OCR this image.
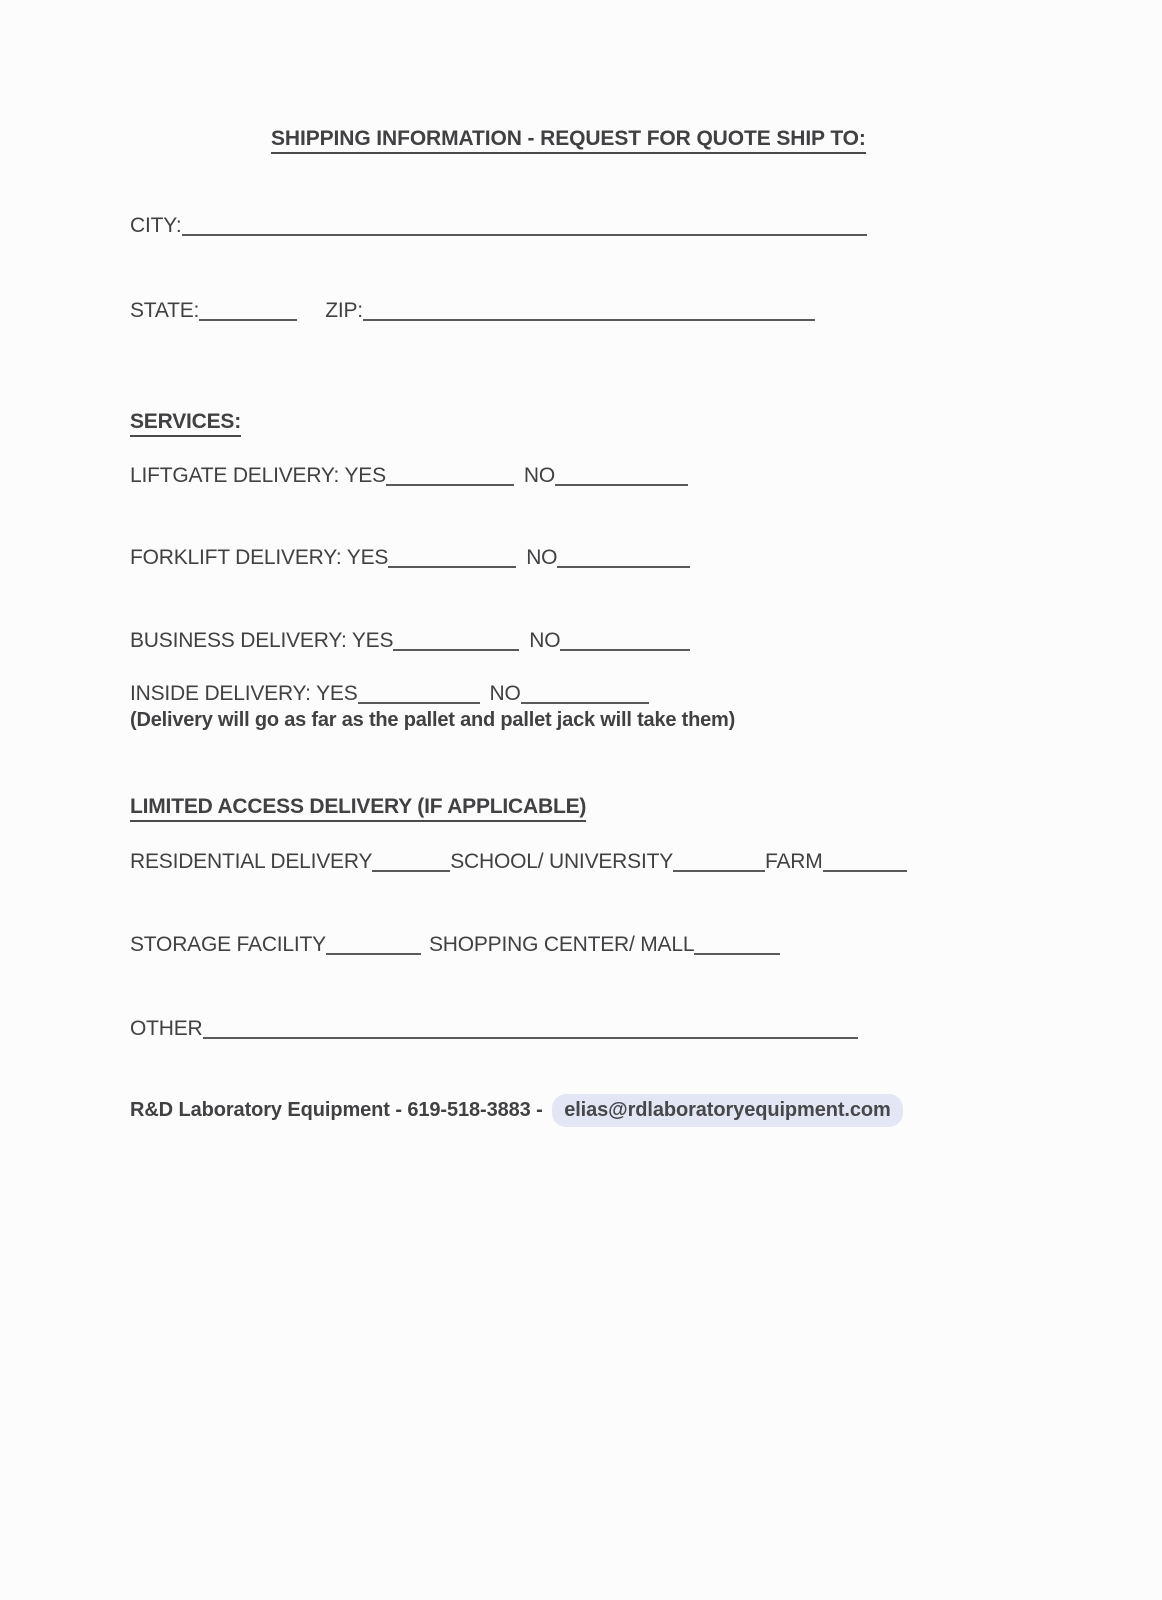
SHIPPING INFORMATION - REQUEST FOR QUOTE SHIP TO:
CITY:
STATE:	ZIP:
SERVICES:
LIFTGATE DELIVERY: YES	NO
FORKLIFT DELIVERY: YES	NO
BUSINESS DELIVERY: YES	NO
INSIDE DELIVERY: YES	NO
(Delivery will go as far as the pallet and pallet jack will take them)
LIMITED ACCESS DELIVERY (IF APPLICABLE)
RESIDENTIAL DELIVERY	SCHOOL/ UNIVERSITY	FARM
STORAGE FACILITY	SHOPPING CENTER/ MALL
OTHER
R&D Laboratory Equipment - 619-518-3883 - elias@rdlaboratoryequipment.com
